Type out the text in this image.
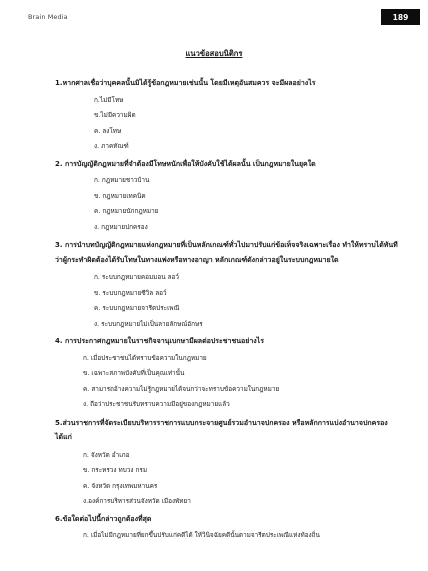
Brain Media	189
แนวข้อสอบนิติกร

1.หากศาลเชื่อว่าบุคคลนั้นมิได้รู้ข้อกฎหมายเช่นนั้น โดยมีเหตุอันสมควร จะมีผลอย่างไร

ก.ไม่มีโทษ
ข.ไม่มีความผิด
ค. ลงโทษ
ง. ภาคทัณฑ์

2. การบัญญัติกฎหมายที่จำต้องมีโทษหนักเพื่อให้บังคับใช้ได้ผลนั้น เป็นกฎหมายในยุคใด

ก. กฎหมายชาวบ้าน
ข. กฎหมายเทคนิค
ค. กฎหมายนักกฎหมาย
ง. กฎหมายปกครอง

3. การนำบทบัญญัติกฎหมายแห่งกฎหมายที่เป็นหลักเกณฑ์ทั่วไปมาปรับแก่ข้อเท็จจริงเฉพาะเรื่อง ทำให้ทราบได้ทันทีว่าผู้กระทำผิดต้องได้รับโทษในทางแพ่งหรือทางอาญา หลักเกณฑ์ดังกล่าวอยู่ในระบบกฎหมายใด

ก. ระบบกฎหมายคอมมอน ลอว์
ข. ระบบกฎหมายซีวิล ลอว์
ค. ระบบกฎหมายจารีตประเพณี
ง. ระบบกฎหมายไม่เป็นลายลักษณ์อักษร

4. การประกาศกฎหมายในราชกิจจานุเบกษามีผลต่อประชาชนอย่างไร

ก. เมื่อประชาชนได้ทราบข้อความในกฎหมาย
ข. เฉพาะสภาพบังคับที่เป็นคุณเท่านั้น
ค. สามารถอ้างความไม่รู้กฎหมายได้จนกว่าจะทราบข้อความในกฎหมาย
ง. ถือว่าประชาชนรับทราบความมีอยู่ของกฎหมายแล้ว

5.ส่วนราชการที่จัดระเบียบบริหารราชการแบบกระจายศูนย์รวมอำนาจปกครอง หรือหลักการแบ่งอำนาจปกครอง ได้แก่

ก. จังหวัด อำเภอ
ข. กระทรวง ทบวง กรม
ค. จังหวัด กรุงเทพมหานคร
ง.องค์การบริหารส่วนจังหวัด เมืองพัทยา

6.ข้อใดต่อไปนี้กล่าวถูกต้องที่สุด

ก. เมื่อไม่มีกฎหมายที่ยกขึ้นปรับแก่คดีได้ ให้วินิจฉัยคดีนั้นตามจารีตประเพณีแห่งท้องถิ่น
